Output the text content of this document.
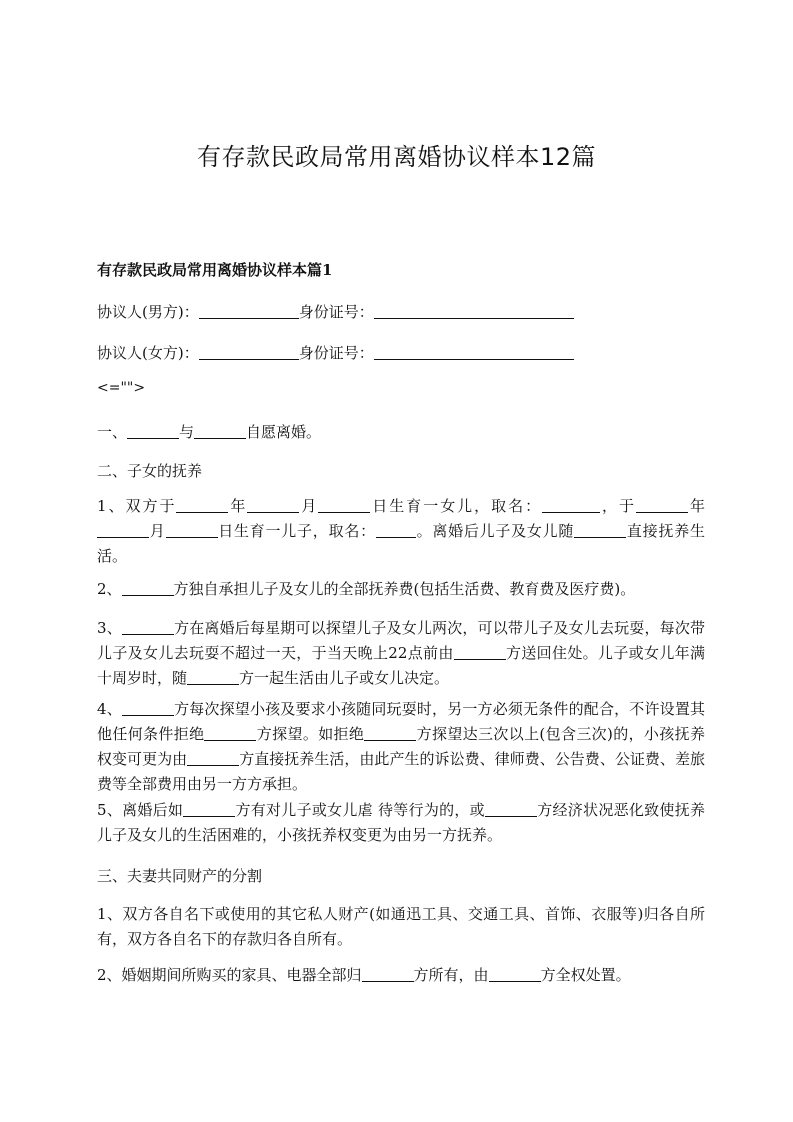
有存款民政局常用离婚协议样本12篇

有存款民政局常用离婚协议样本篇1

协议人(男方)：	身份证号：

协议人(女方)：	身份证号：

<="">

一、	与	自愿离婚。

二、子女的抚养

1、双方于	年	月	日生育一女儿，取名：	，于	年月	日生育一儿子，取名：	。离婚后儿子及女儿随	直接抚养生活。

2、	方独自承担儿子及女儿的全部抚养费(包括生活费、教育费及医疗费)。

3、	方在离婚后每星期可以探望儿子及女儿两次，可以带儿子及女儿去玩耍，每次带儿子及女儿去玩耍不超过一天，于当天晚上22点前由	方送回住处。儿子或女儿年满十周岁时，随	方一起生活由儿子或女儿决定。

4、	方每次探望小孩及要求小孩随同玩耍时，另一方必须无条件的配合，不许设置其他任何条件拒绝	方探望。如拒绝	方探望达三次以上(包含三次)的，小孩抚养权变可更为由	方直接抚养生活，由此产生的诉讼费、律师费、公告费、公证费、差旅费等全部费用由另一方方承担。

5、离婚后如	方有对儿子或女儿虐 待等行为的，或	方经济状况恶化致使抚养儿子及女儿的生活困难的，小孩抚养权变更为由另一方抚养。

三、夫妻共同财产的分割

1、双方各自名下或使用的其它私人财产(如通迅工具、交通工具、首饰、衣服等)归各自所有，双方各自名下的存款归各自所有。

2、婚姻期间所购买的家具、电器全部归	方所有，由	方全权处置。
